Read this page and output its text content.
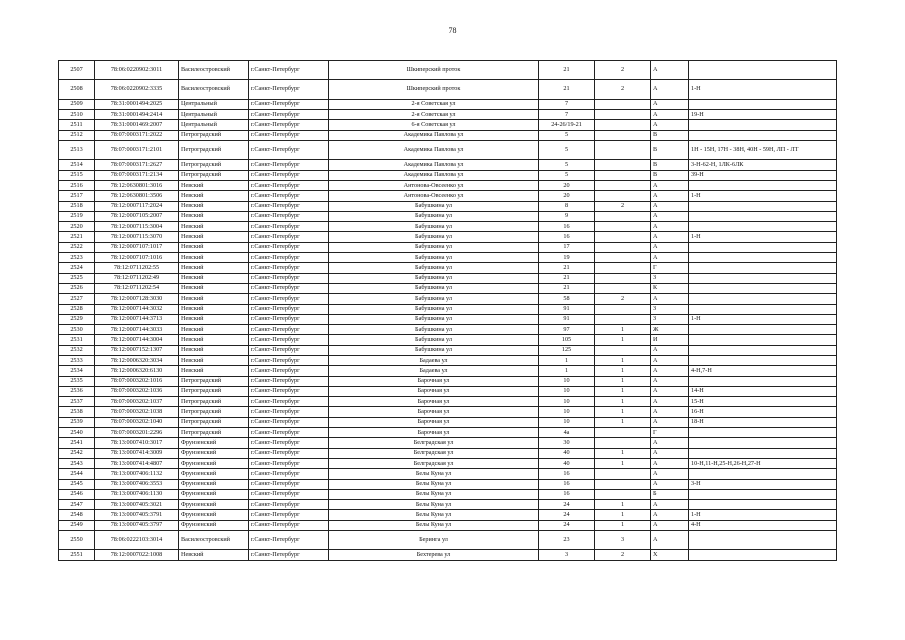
78
2507	78:06:0220902:3011	Василеостровский	г.Санкт-Петербург	Шкиперский проток	21	2	А	
2508	78:06:0220902:3335	Василеостровский	г.Санкт-Петербург	Шкиперский проток	21	2	А	1-Н
2509	78:31:0001494:2025	Центральный	г.Санкт-Петербург	2-я Советская ул	7		А	
2510	78:31:0001494:2414	Центральный	г.Санкт-Петербург	2-я Советская ул	7		А	19-Н
2511	78:31:0001469:2007	Центральный	г.Санкт-Петербург	6-я Советская ул	24-26/19-21		А	
2512	78:07:0003171:2022	Петроградский	г.Санкт-Петербург	Академика Павлова ул	5		В	
2513	78:07:0003171:2101	Петроградский	г.Санкт-Петербург	Академика Павлова ул	5		В	1Н - 15Н, 17Н - 38Н, 40Н - 59Н, ЛП - ЛТ
2514	78:07:0003171:2627	Петроградский	г.Санкт-Петербург	Академика Павлова ул	5		В	3-Н-62-Н, 1ЛК-6ЛК
2515	78:07:0003171:2134	Петроградский	г.Санкт-Петербург	Академика Павлова ул	5		В	39-Н
2516	78:12:0630801:3016	Невский	г.Санкт-Петербург	Антонова-Овсеенко ул	20		А	
2517	78:12:0630801:3506	Невский	г.Санкт-Петербург	Антонова-Овсеенко ул	20		А	1-Н
2518	78:12:0007117:2024	Невский	г.Санкт-Петербург	Бабушкина ул	8	2	А	
2519	78:12:0007105:2007	Невский	г.Санкт-Петербург	Бабушкина ул	9		А	
2520	78:12:0007115:3004	Невский	г.Санкт-Петербург	Бабушкина ул	16		А	
2521	78:12:0007115:3070	Невский	г.Санкт-Петербург	Бабушкина ул	16		А	1-Н
2522	78:12:0007107:1017	Невский	г.Санкт-Петербург	Бабушкина ул	17		А	
2523	78:12:0007107:1016	Невский	г.Санкт-Петербург	Бабушкина ул	19		А	
2524	78:12:0711202:55	Невский	г.Санкт-Петербург	Бабушкина ул	21		Г	
2525	78:12:0711202:49	Невский	г.Санкт-Петербург	Бабушкина ул	21		З	
2526	78:12:0711202:54	Невский	г.Санкт-Петербург	Бабушкина ул	21		К	
2527	78:12:0007128:3030	Невский	г.Санкт-Петербург	Бабушкина ул	58	2	А	
2528	78:12:0007144:3032	Невский	г.Санкт-Петербург	Бабушкина ул	91		З	
2529	78:12:0007144:3713	Невский	г.Санкт-Петербург	Бабушкина ул	91		З	1-Н
2530	78:12:0007144:3033	Невский	г.Санкт-Петербург	Бабушкина ул	97	1	Ж	
2531	78:12:0007144:3004	Невский	г.Санкт-Петербург	Бабушкина ул	105	1	И	
2532	78:12:0007152:1307	Невский	г.Санкт-Петербург	Бабушкина ул	125		А	
2533	78:12:0006320:3034	Невский	г.Санкт-Петербург	Бадаева ул	1	1	А	
2534	78:12:0006320:6130	Невский	г.Санкт-Петербург	Бадаева ул	1	1	А	4-Н,7-Н
2535	78:07:0003202:1016	Петроградский	г.Санкт-Петербург	Барочная ул	10	1	А	
2536	78:07:0003202:1036	Петроградский	г.Санкт-Петербург	Барочная ул	10	1	А	14-Н
2537	78:07:0003202:1037	Петроградский	г.Санкт-Петербург	Барочная ул	10	1	А	15-Н
2538	78:07:0003202:1038	Петроградский	г.Санкт-Петербург	Барочная ул	10	1	А	16-Н
2539	78:07:0003202:1040	Петроградский	г.Санкт-Петербург	Барочная ул	10	1	А	18-Н
2540	78:07:0003201:2296	Петроградский	г.Санкт-Петербург	Барочная ул	4а		Г	
2541	78:13:0007410:3017	Фрунзенский	г.Санкт-Петербург	Белградская ул	30		А	
2542	78:13:0007414:3009	Фрунзенский	г.Санкт-Петербург	Белградская ул	40	1	А	
2543	78:13:0007414:4807	Фрунзенский	г.Санкт-Петербург	Белградская ул	40	1	А	10-Н,11-Н,25-Н,26-Н,27-Н
2544	78:13:0007406:1132	Фрунзенский	г.Санкт-Петербург	Белы Куна ул	16		А	
2545	78:13:0007406:3553	Фрунзенский	г.Санкт-Петербург	Белы Куна ул	16		А	3-Н
2546	78:13:0007406:1130	Фрунзенский	г.Санкт-Петербург	Белы Куна ул	16		Б	
2547	78:13:0007405:3021	Фрунзенский	г.Санкт-Петербург	Белы Куна ул	24	1	А	
2548	78:13:0007405:3791	Фрунзенский	г.Санкт-Петербург	Белы Куна ул	24	1	А	1-Н
2549	78:13:0007405:3797	Фрунзенский	г.Санкт-Петербург	Белы Куна ул	24	1	А	4-Н
2550	78:06:0222103:3014	Василеостровский	г.Санкт-Петербург	Беринга ул	23	3	А	
2551	78:12:0007022:1008	Невский	г.Санкт-Петербург	Бехтерева ул	3	2	Х	
